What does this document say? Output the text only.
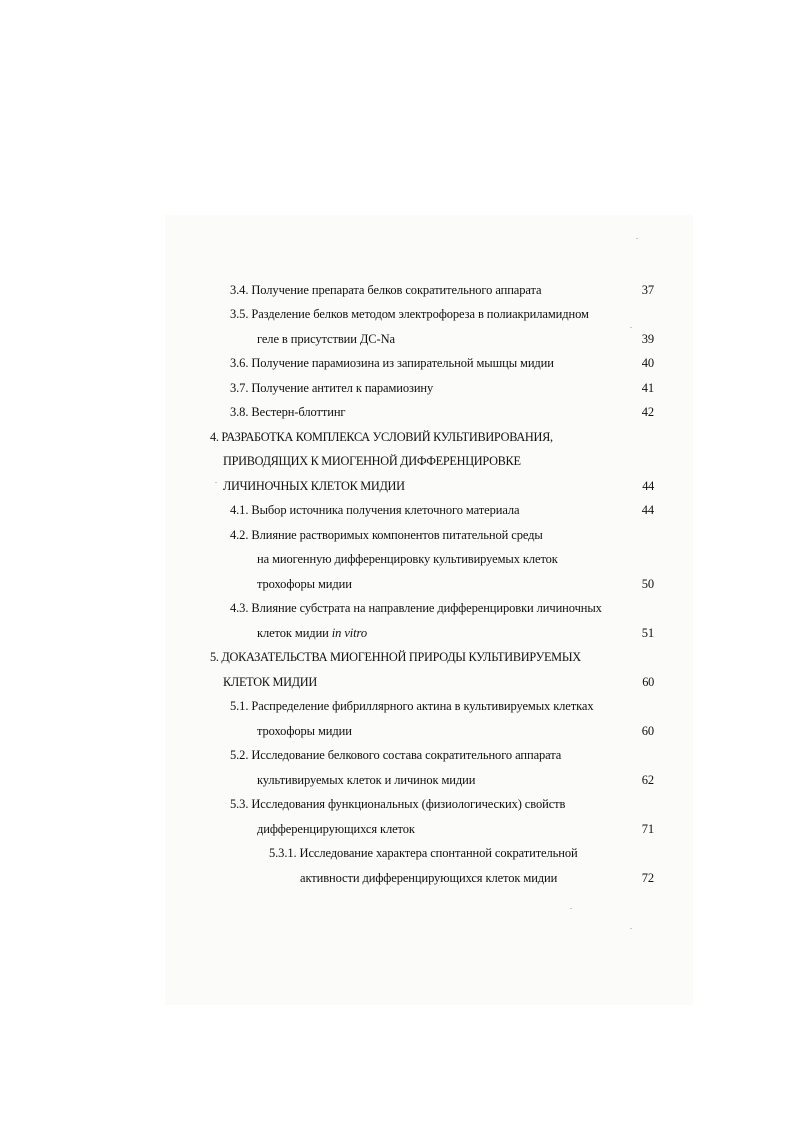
3.4. Получение препарата белков сократительного аппарата	37
3.5. Разделение белков методом электрофореза в полиакриламидном
геле в присутствии ДС-Na	39
3.6. Получение парамиозина из запирательной мышцы мидии	40
3.7. Получение антител к парамиозину	41
3.8. Вестерн-блоттинг	42
4. РАЗРАБОТКА КОМПЛЕКСА УСЛОВИЙ КУЛЬТИВИРОВАНИЯ,
ПРИВОДЯЩИХ К МИОГЕННОЙ ДИФФЕРЕНЦИРОВКЕ
ЛИЧИНОЧНЫХ КЛЕТОК МИДИИ	44
4.1. Выбор источника получения клеточного материала	44
4.2. Влияние растворимых компонентов питательной среды
на миогенную дифференцировку культивируемых клеток
трохофоры мидии	50
4.3. Влияние субстрата на направление дифференцировки личиночных
клеток мидии in vitro	51
5. ДОКАЗАТЕЛЬСТВА МИОГЕННОЙ ПРИРОДЫ КУЛЬТИВИРУЕМЫХ
КЛЕТОК МИДИИ	60
5.1. Распределение фибриллярного актина в культивируемых клетках
трохофоры мидии	60
5.2. Исследование белкового состава сократительного аппарата
культивируемых клеток и личинок мидии	62
5.3. Исследования функциональных (физиологических) свойств
дифференцирующихся клеток	71
5.3.1. Исследование характера спонтанной сократительной
активности дифференцирующихся клеток мидии	72
